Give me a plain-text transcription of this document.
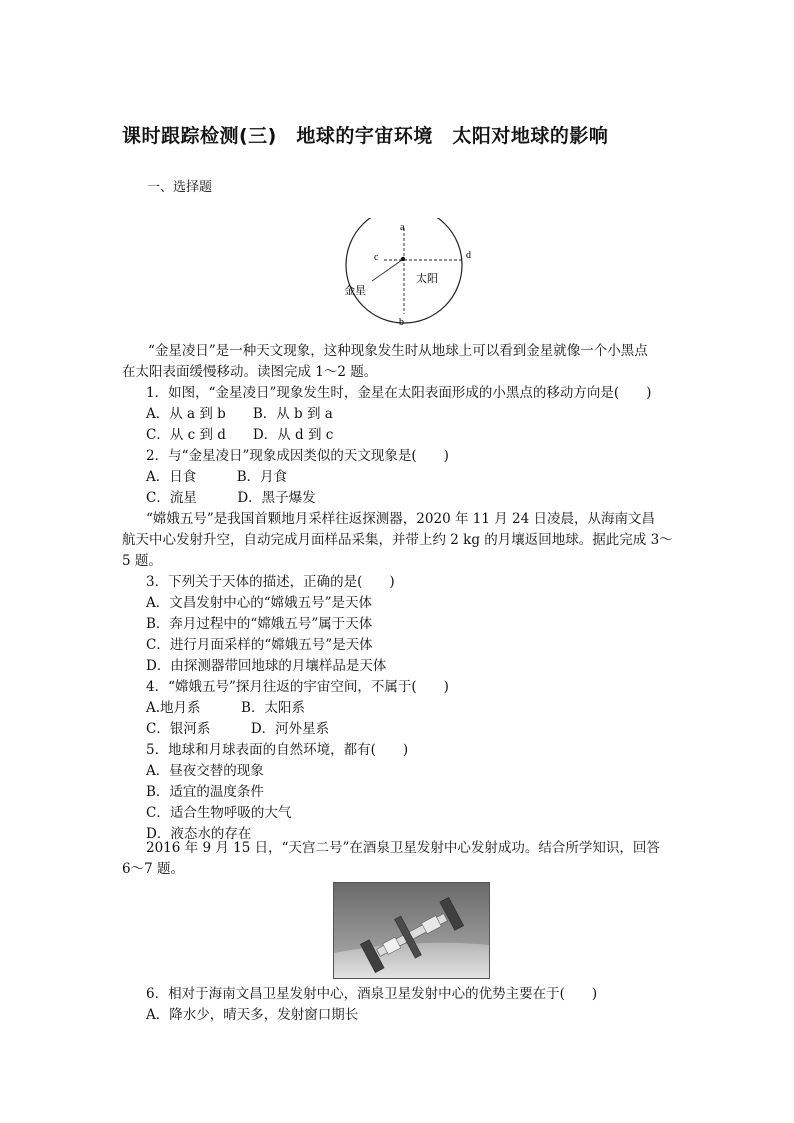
课时跟踪检测(三)　地球的宇宙环境　太阳对地球的影响
一、选择题
a
b
c	d
金星
太阳
“金星凌日”是一种天文现象，这种现象发生时从地球上可以看到金星就像一个小黑点
在太阳表面缓慢移动。读图完成 1～2 题。
1．如图，“金星凌日”现象发生时，金星在太阳表面形成的小黑点的移动方向是(　　)
A．从 a 到 b　　B．从 b 到 a
C．从 c 到 d　　D．从 d 到 c
2．与“金星凌日”现象成因类似的天文现象是(　　)
A．日食　　　B．月食
C．流星　　　D．黑子爆发
“嫦娥五号”是我国首颗地月采样往返探测器，2020 年 11 月 24 日凌晨，从海南文昌
航天中心发射升空，自动完成月面样品采集，并带上约 2 kg 的月壤返回地球。据此完成 3～
5 题。
3．下列关于天体的描述，正确的是(　　)
A．文昌发射中心的“嫦娥五号”是天体
B．奔月过程中的“嫦娥五号”属于天体
C．进行月面采样的“嫦娥五号”是天体
D．由探测器带回地球的月壤样品是天体
4．“嫦娥五号”探月往返的宇宙空间，不属于(　　)
A.地月系　　　B．太阳系
C．银河系　　　D．河外星系
5．地球和月球表面的自然环境，都有(　　)
A．昼夜交替的现象
B．适宜的温度条件
C．适合生物呼吸的大气
D．液态水的存在
2016 年 9 月 15 日，“天宫二号”在酒泉卫星发射中心发射成功。结合所学知识，回答
6～7 题。
6．相对于海南文昌卫星发射中心，酒泉卫星发射中心的优势主要在于(　　)
A．降水少，晴天多，发射窗口期长
